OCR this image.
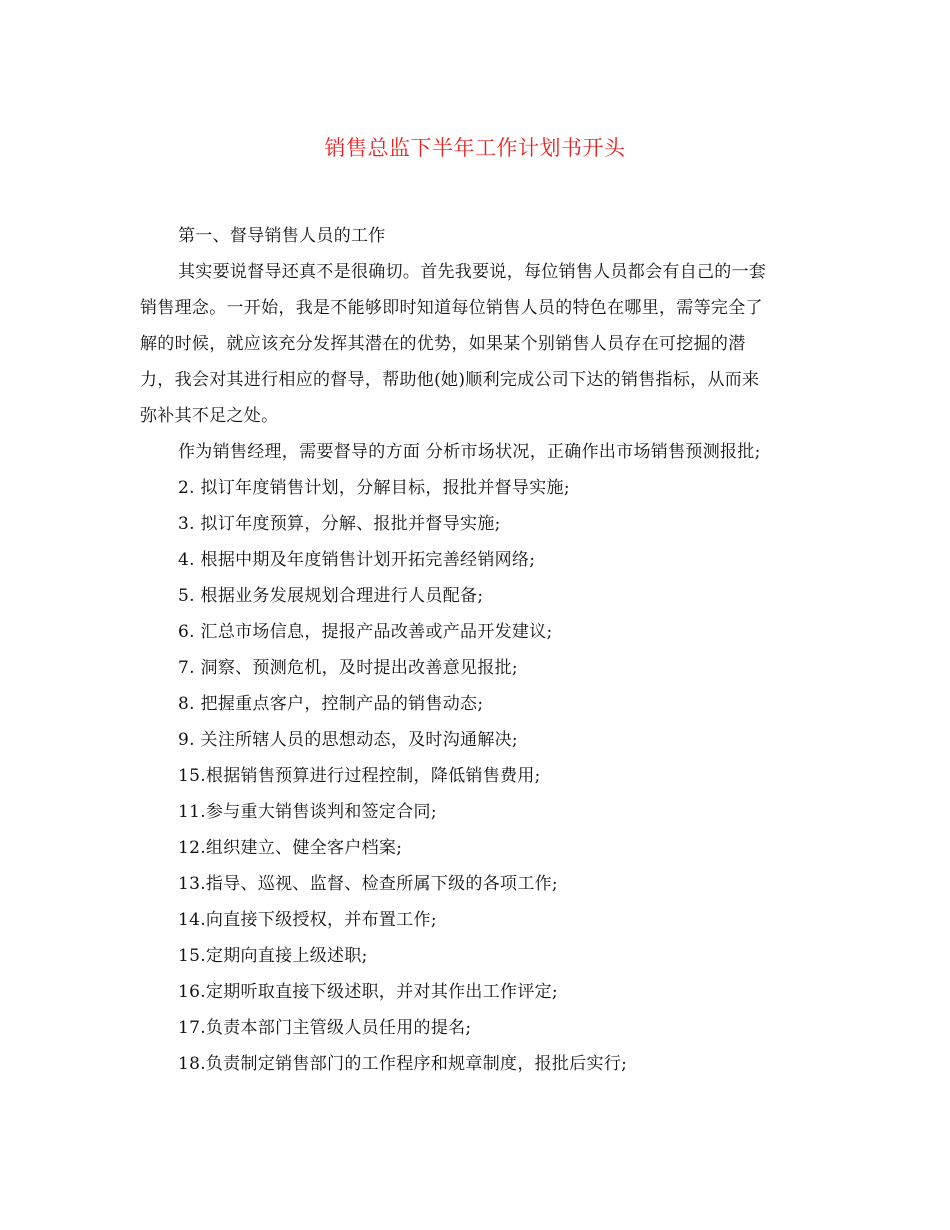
销售总监下半年工作计划书开头
第一、督导销售人员的工作
其实要说督导还真不是很确切。首先我要说，每位销售人员都会有自己的一套
销售理念。一开始，我是不能够即时知道每位销售人员的特色在哪里，需等完全了
解的时候，就应该充分发挥其潜在的优势，如果某个别销售人员存在可挖掘的潜
力，我会对其进行相应的督导，帮助他(她)顺利完成公司下达的销售指标，从而来
弥补其不足之处。
作为销售经理，需要督导的方面 分析市场状况，正确作出市场销售预测报批;
2. 拟订年度销售计划，分解目标，报批并督导实施;
3. 拟订年度预算，分解、报批并督导实施;
4. 根据中期及年度销售计划开拓完善经销网络;
5. 根据业务发展规划合理进行人员配备;
6. 汇总市场信息，提报产品改善或产品开发建议;
7. 洞察、预测危机，及时提出改善意见报批;
8. 把握重点客户，控制产品的销售动态;
9. 关注所辖人员的思想动态，及时沟通解决;
15.根据销售预算进行过程控制，降低销售费用;
11.参与重大销售谈判和签定合同;
12.组织建立、健全客户档案;
13.指导、巡视、监督、检查所属下级的各项工作;
14.向直接下级授权，并布置工作;
15.定期向直接上级述职;
16.定期听取直接下级述职，并对其作出工作评定;
17.负责本部门主管级人员任用的提名;
18.负责制定销售部门的工作程序和规章制度，报批后实行;
